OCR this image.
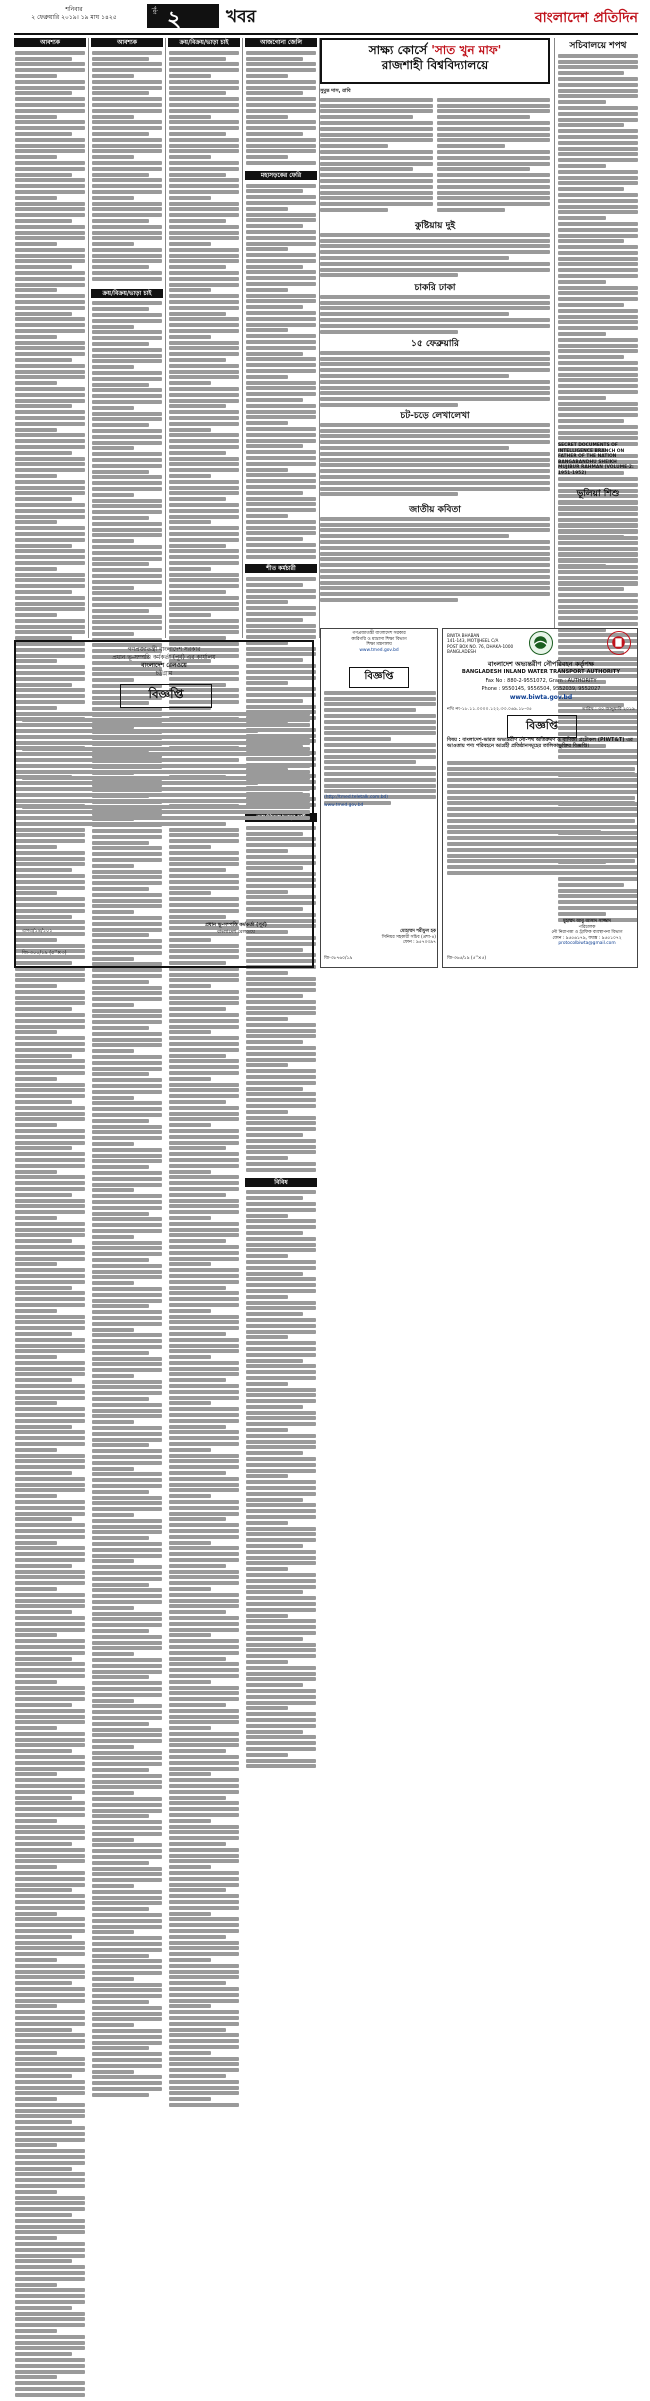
শনিবার
২ ফেব্রুয়ারি ২০১৯। ১৯ মাঘ ১৪২৫
পৃষ্ঠা ২	খবর	বাংলাদেশ প্রতিদিন
আবশ্যক	আবশ্যক
ক্রয়/বিক্রয়/ভাড়া চাই
ক্রয়/বিক্রয়/ভাড়া চাই	আজগোনা জেলি
মহাসড়কের ফেরি
শীত কর্মচারী
বিবিধ
সাক্ষ্য কোর্সে 'সাত খুন মাফ'
রাজশাহী বিশ্ববিদ্যালয়ে
সুমুন্ত দাস, রাবি
কুষ্টিয়ায় দুই
চাকরি ঢাকা
১৫ ফেব্রুয়ারি
চট-চড়ে লেখালেখা
জাতীয় কবিতা
সচিবালয়ে শপথ
SECRET DOCUMENTS OF INTELLIGENCE BRANCH ON FATHER OF THE NATION BANGABANDHU SHEIKH MUJIBUR RAHMAN (VOLUME-2: 1951-1952)
ভূলিয়া শিশু
গণপ্রজাতন্ত্রী বাংলাদেশ সরকার
কারিগরি ও মাদ্রাসা শিক্ষা বিভাগ
শিক্ষা মন্ত্রণালয়
www.tmed.gov.bd
বিজ্ঞপ্তি
(http://tmed.teletalk.com.bd)
www.tmed.gov.bd
মোহাম্মদ শরীফুল হক
সিনিয়র সহকারী সচিব (প্রশা-৪)
ফোন : ৯৫৭০৩৯৭
জি-৩৮৭৬০/১৯
BIWTA BHABAN
141-143, MOTIJHEEL C/A
POST BOX NO. 76, DHAKA-1000
BANGLADESH
বাংলাদেশ অভ্যন্তরীণ নৌপরিবহন কর্তৃপক্ষ
BANGLADESH INLAND WATER TRANSPORT AUTHORITY
Fax No : 880-2-9551072, Gram : AUTHORITY
Phone : 9550145, 9556504, 9552039, 9552027
www.biwta.gov.bd
নথি নং-১৮.১১.০০০০.১২২.৩৩.০৬৯.১৮-৩৫	তারিখ : ৩০ জানুয়ারি ২০১৯
বিজ্ঞপ্তি
বিষয় : বাংলাদেশ-ভারত অভ্যন্তরীণ নৌ-পথ অতিক্রমণ ও বাণিজ্য প্রটোকল (PIWT&T) এর আওতায় পণ্য পরিবহনে আগ্রহী প্রতিষ্ঠানসমূহের তালিকাভুক্তির বিজ্ঞপ্তি।
মুহাম্মদ আবু আসাদ সাজ্জাদ
পরিচালক
নৌ নিরাপত্তা ও ট্রাফিক ব্যবস্থাপনা বিভাগ
ফোন : ৯৫৫৬১৭৯, ফ্যাক্স : ৯৫৫১০৭২
protocolbiwta@gmail.com
জি-৩৬৫/১৯ (৫''×৫)
গণপ্রজাতন্ত্রী বাংলাদেশ সরকার
প্রধান ভূ-সম্পত্তি কর্মকর্তা (পূর্ব) এর কার্যালয়
বাংলাদেশ রেলওয়ে
চট্টগ্রাম
বিজ্ঞপ্তি
এসএ/১৪/১০১
প্রধান ভূ-সম্পত্তি কর্মকর্তা (পূর্ব)
বাংলাদেশ রেলওয়ে
জি-৩০০/১৯ (৫''×৩)
